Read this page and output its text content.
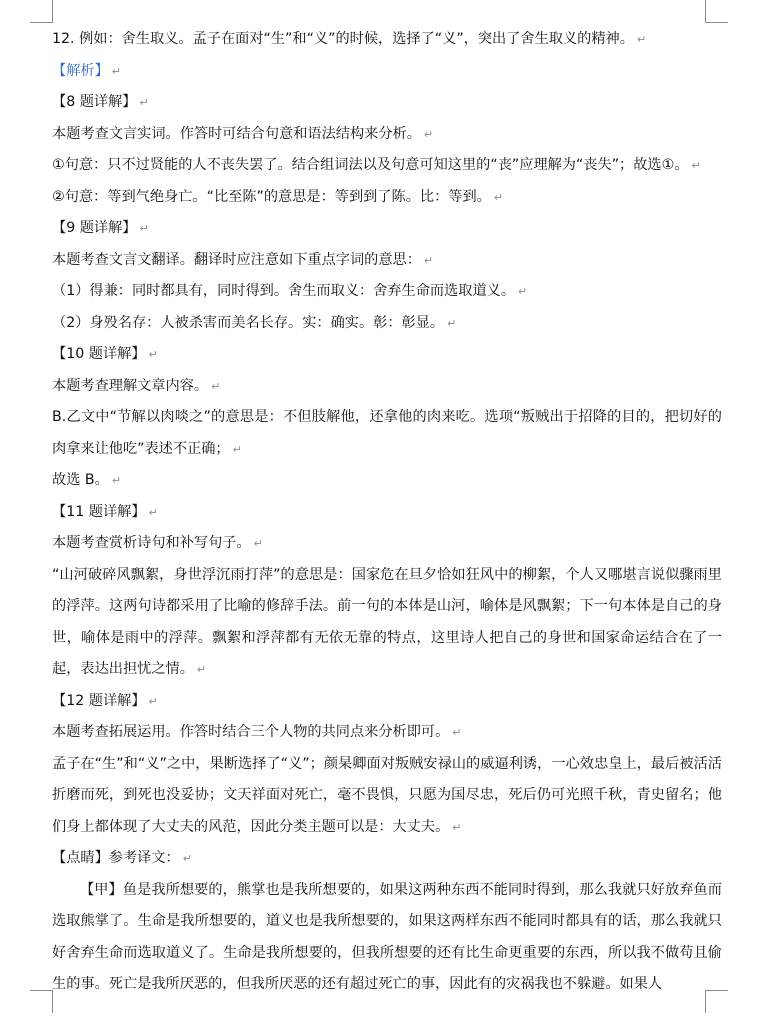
12. 例如：舍生取义。孟子在面对“生”和“义”的时候，选择了“义”，突出了舍生取义的精神。 ↵
【解析】 ↵
【8 题详解】 ↵
本题考查文言实词。作答时可结合句意和语法结构来分析。 ↵
①句意：只不过贤能的人不丧失罢了。结合组词法以及句意可知这里的“丧”应理解为“丧失”；故选①。 ↵
②句意：等到气绝身亡。“比至陈”的意思是：等到到了陈。比：等到。 ↵
【9 题详解】 ↵
本题考查文言文翻译。翻译时应注意如下重点字词的意思： ↵
（1）得兼：同时都具有，同时得到。舍生而取义：舍弃生命而选取道义。 ↵
（2）身殁名存：人被杀害而美名长存。实：确实。彰：彰显。 ↵
【10 题详解】 ↵
本题考查理解文章内容。 ↵
B.乙文中“节解以肉啖之”的意思是：不但肢解他，还拿他的肉来吃。选项“叛贼出于招降的目的，把切好的肉拿来让他吃”表述不正确； ↵
故选 B。 ↵
【11 题详解】 ↵
本题考查赏析诗句和补写句子。 ↵
“山河破碎风飘絮，身世浮沉雨打萍”的意思是：国家危在旦夕恰如狂风中的柳絮，个人又哪堪言说似骤雨里的浮萍。这两句诗都采用了比喻的修辞手法。前一句的本体是山河，喻体是风飘絮；下一句本体是自己的身世，喻体是雨中的浮萍。飘絮和浮萍都有无依无靠的特点，这里诗人把自己的身世和国家命运结合在了一起，表达出担忧之情。 ↵
【12 题详解】 ↵
本题考查拓展运用。作答时结合三个人物的共同点来分析即可。 ↵
孟子在“生”和“义”之中，果断选择了“义”；颜杲卿面对叛贼安禄山的威逼利诱，一心效忠皇上，最后被活活折磨而死，到死也没妥协；文天祥面对死亡，毫不畏惧，只愿为国尽忠，死后仍可光照千秋，青史留名；他们身上都体现了大丈夫的风范，因此分类主题可以是：大丈夫。 ↵
【点睛】参考译文： ↵
【甲】鱼是我所想要的，熊掌也是我所想要的，如果这两种东西不能同时得到，那么我就只好放弃鱼而选取熊掌了。生命是我所想要的，道义也是我所想要的，如果这两样东西不能同时都具有的话，那么我就只好舍弃生命而选取道义了。生命是我所想要的，但我所想要的还有比生命更重要的东西，所以我不做苟且偷生的事。死亡是我所厌恶的，但我所厌恶的还有超过死亡的事，因此有的灾祸我也不躲避。如果人
